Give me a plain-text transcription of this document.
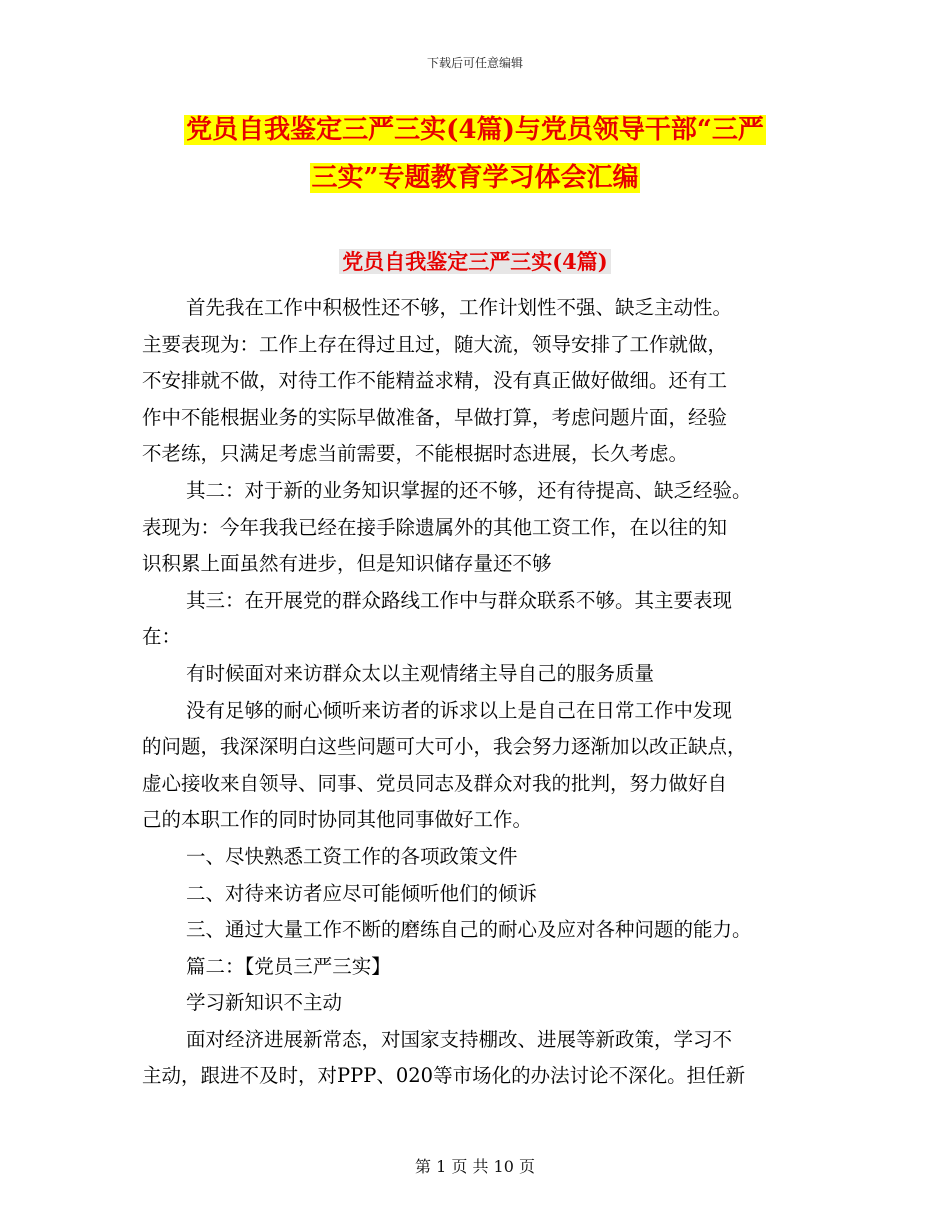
下载后可任意编辑
党员自我鉴定三严三实(4篇)与党员领导干部“三严
三实”专题教育学习体会汇编
党员自我鉴定三严三实(4篇)
首先我在工作中积极性还不够，工作计划性不强、缺乏主动性。
主要表现为：工作上存在得过且过，随大流，领导安排了工作就做，
不安排就不做，对待工作不能精益求精，没有真正做好做细。还有工
作中不能根据业务的实际早做准备，早做打算，考虑问题片面，经验
不老练，只满足考虑当前需要，不能根据时态进展，长久考虑。
其二：对于新的业务知识掌握的还不够，还有待提高、缺乏经验。
表现为：今年我我已经在接手除遗属外的其他工资工作，在以往的知
识积累上面虽然有进步，但是知识储存量还不够
其三：在开展党的群众路线工作中与群众联系不够。其主要表现
在：
有时候面对来访群众太以主观情绪主导自己的服务质量
没有足够的耐心倾听来访者的诉求以上是自己在日常工作中发现
的问题，我深深明白这些问题可大可小，我会努力逐渐加以改正缺点，
虚心接收来自领导、同事、党员同志及群众对我的批判，努力做好自
己的本职工作的同时协同其他同事做好工作。
一、尽快熟悉工资工作的各项政策文件
二、对待来访者应尽可能倾听他们的倾诉
三、通过大量工作不断的磨练自己的耐心及应对各种问题的能力。
篇二：【党员三严三实】
学习新知识不主动
面对经济进展新常态，对国家支持棚改、进展等新政策，学习不
主动，跟进不及时，对PPP、020等市场化的办法讨论不深化。担任新
第 1 页 共 10 页
